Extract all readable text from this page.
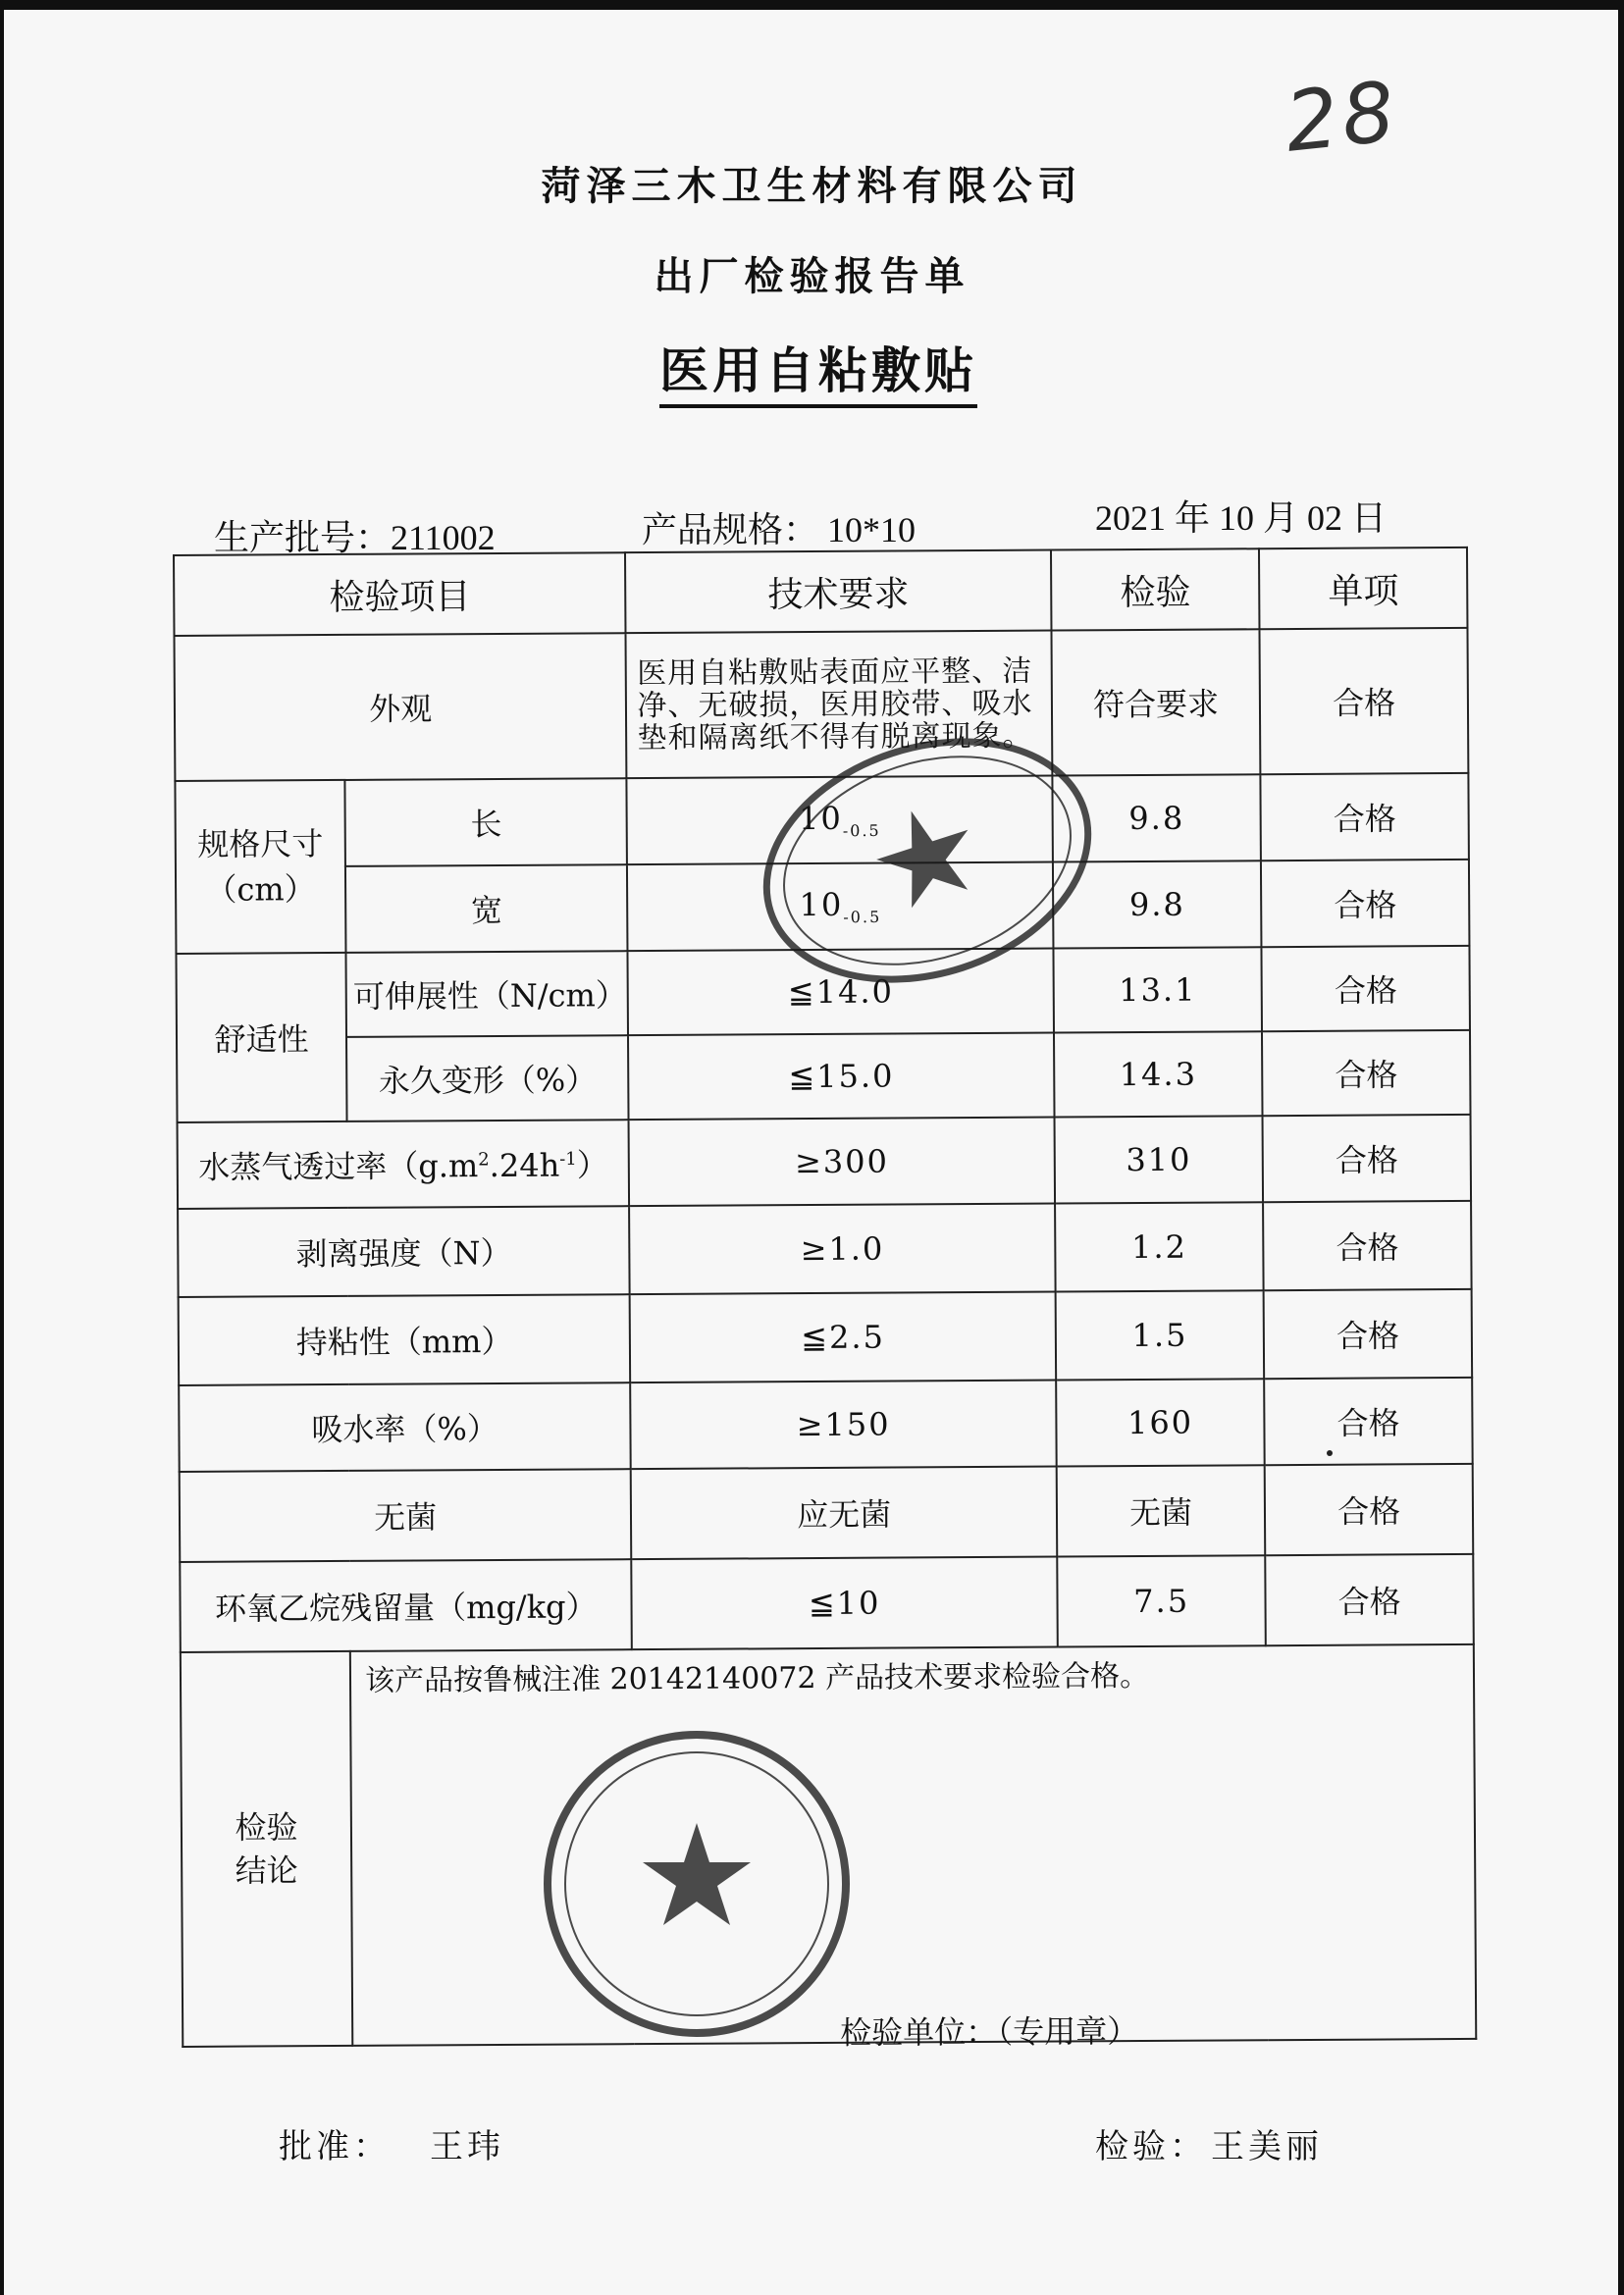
28
菏泽三木卫生材料有限公司
出厂检验报告单
医用自粘敷贴
生产批号：211002	产品规格： 10*10	2021 年 10 月 02 日
检验项目		技术要求	检验	单项
外观		医用自粘敷贴表面应平整、洁净、无破损，医用胶带、吸水垫和隔离纸不得有脱离现象。	符合要求	合格
规格尺寸（cm）	长	$10_{-0.5}$	9.8	合格
	宽	$10_{-0.5}$	9.8	合格
舒适性	可伸展性（N/cm）	≦14.0	13.1	合格
	永久变形（%）	≦15.0	14.3	合格
水蒸气透过率$(g.m^2.24h^{-1})$		≥300	310	合格
剥离强度（N）		≥1.0	1.2	合格
持粘性（mm）		≦2.5	1.5	合格
吸水率（%）		≥150	160	合格
无菌		应无菌	无菌	合格
环氧乙烷残留量（mg/kg）		≦10	7.5	合格

检验结论	该产品按鲁械注准 20142140072 产品技术要求检验合格。
检验单位：（专用章）			
批准： 王玮	检验： 王美丽
